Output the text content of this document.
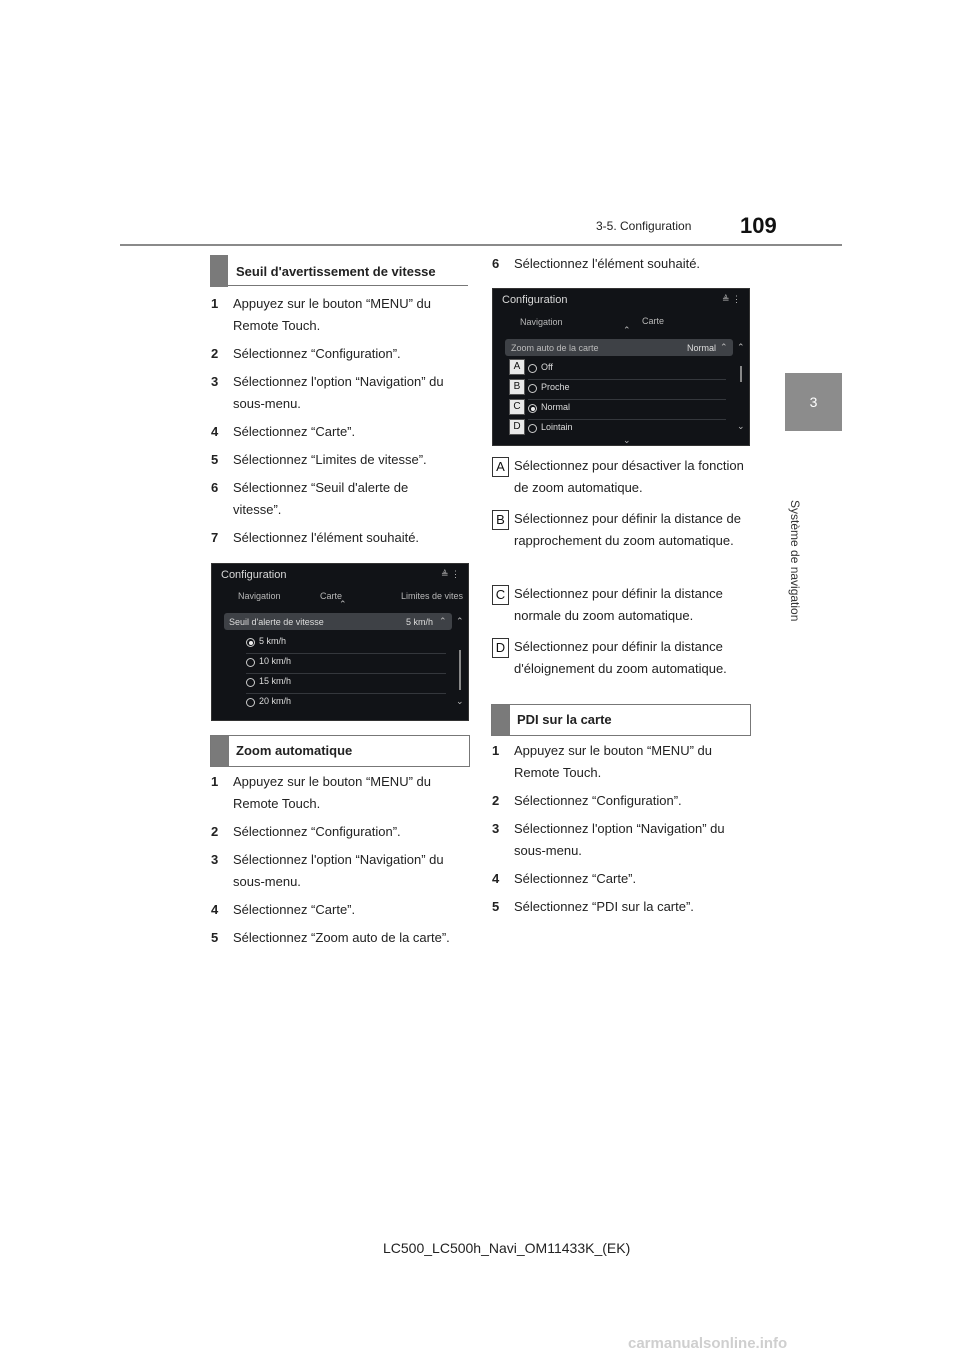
3-5. Configuration 109
3
Système de navigation
Seuil d'avertissement de vitesse
1 Appuyez sur le bouton “MENU” du Remote Touch.
2 Sélectionnez “Configuration”.
3 Sélectionnez l'option “Navigation” du sous-menu.
4 Sélectionnez “Carte”.
5 Sélectionnez “Limites de vitesse”.
6 Sélectionnez “Seuil d'alerte de vitesse”.
7 Sélectionnez l'élément souhaité.
Configuration	≜ ⋮
Navigation	Carte	Limites de vites
⌃
Seuil d'alerte de vitesse	5 km/h ⌃
5 km/h
10 km/h
15 km/h
20 km/h
⌃
⌄
Zoom automatique
1 Appuyez sur le bouton “MENU” du Remote Touch.
2 Sélectionnez “Configuration”.
3 Sélectionnez l'option “Navigation” du sous-menu.
4 Sélectionnez “Carte”.
5 Sélectionnez “Zoom auto de la carte”.
6 Sélectionnez l'élément souhaité.
Configuration	≜ ⋮
Navigation	Carte
⌃
Zoom auto de la carte	Normal ⌃
Off
Proche
Normal
Lointain
A
B
C
D
⌃
⌄
⌄
A Sélectionnez pour désactiver la fonction de zoom automatique.
B Sélectionnez pour définir la distance de rapprochement du zoom automatique.
C Sélectionnez pour définir la distance normale du zoom automatique.
D Sélectionnez pour définir la distance d'éloignement du zoom automatique.
PDI sur la carte
1 Appuyez sur le bouton “MENU” du Remote Touch.
2 Sélectionnez “Configuration”.
3 Sélectionnez l'option “Navigation” du sous-menu.
4 Sélectionnez “Carte”.
5 Sélectionnez “PDI sur la carte”.
LC500_LC500h_Navi_OM11433K_(EK)
carmanualsonline.info
